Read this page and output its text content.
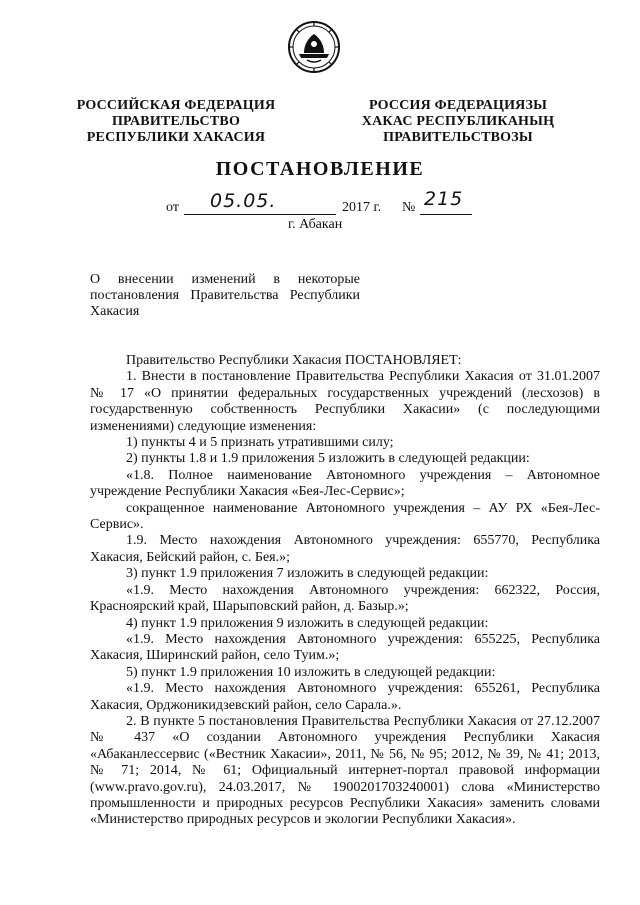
РОССИЙСКАЯ ФЕДЕРАЦИЯ
ПРАВИТЕЛЬСТВО
РЕСПУБЛИКИ ХАКАСИЯ
РОССИЯ ФЕДЕРАЦИЯЗЫ
ХАКАС РЕСПУБЛИКАНЫҢ
ПРАВИТЕЛЬСТВОЗЫ
ПОСТАНОВЛЕНИЕ
от 05.05.	2017 г. № 215
г. Абакан
О внесении изменений в некоторые постановления Правительства Республики Хакасия

Правительство Республики Хакасия ПОСТАНОВЛЯЕТ:

1. Внести в постановление Правительства Республики Хакасия от 31.01.2007 № 17 «О принятии федеральных государственных учреждений (лесхозов) в государственную собственность Республики Хакасии» (с последующими изменениями) следующие изменения:

1) пункты 4 и 5 признать утратившими силу;

2) пункты 1.8 и 1.9 приложения 5 изложить в следующей редакции:

«1.8. Полное наименование Автономного учреждения – Автономное учреждение Республики Хакасия «Бея-Лес-Сервис»;

сокращенное наименование Автономного учреждения – АУ РХ «Бея-Лес-Сервис».

1.9. Место нахождения Автономного учреждения: 655770, Республика Хакасия, Бейский район, с. Бея.»;

3) пункт 1.9 приложения 7 изложить в следующей редакции:

«1.9. Место нахождения Автономного учреждения: 662322, Россия, Красноярский край, Шарыповский район, д. Базыр.»;

4) пункт 1.9 приложения 9 изложить в следующей редакции:

«1.9. Место нахождения Автономного учреждения: 655225, Республика Хакасия, Ширинский район, село Туим.»;

5) пункт 1.9 приложения 10 изложить в следующей редакции:

«1.9. Место нахождения Автономного учреждения: 655261, Республика Хакасия, Орджоникидзевский район, село Сарала.».

2. В пункте 5 постановления Правительства Республики Хакасия от 27.12.2007 № 437 «О создании Автономного учреждения Республики Хакасия «Абаканлессервис («Вестник Хакасии», 2011, № 56, № 95; 2012, № 39, № 41; 2013, № 71; 2014, № 61; Официальный интернет-портал правовой информации (www.pravo.gov.ru), 24.03.2017, № 1900201703240001) слова «Министерство промышленности и природных ресурсов Республики Хакасия» заменить словами «Министерство природных ресурсов и экологии Республики Хакасия».
